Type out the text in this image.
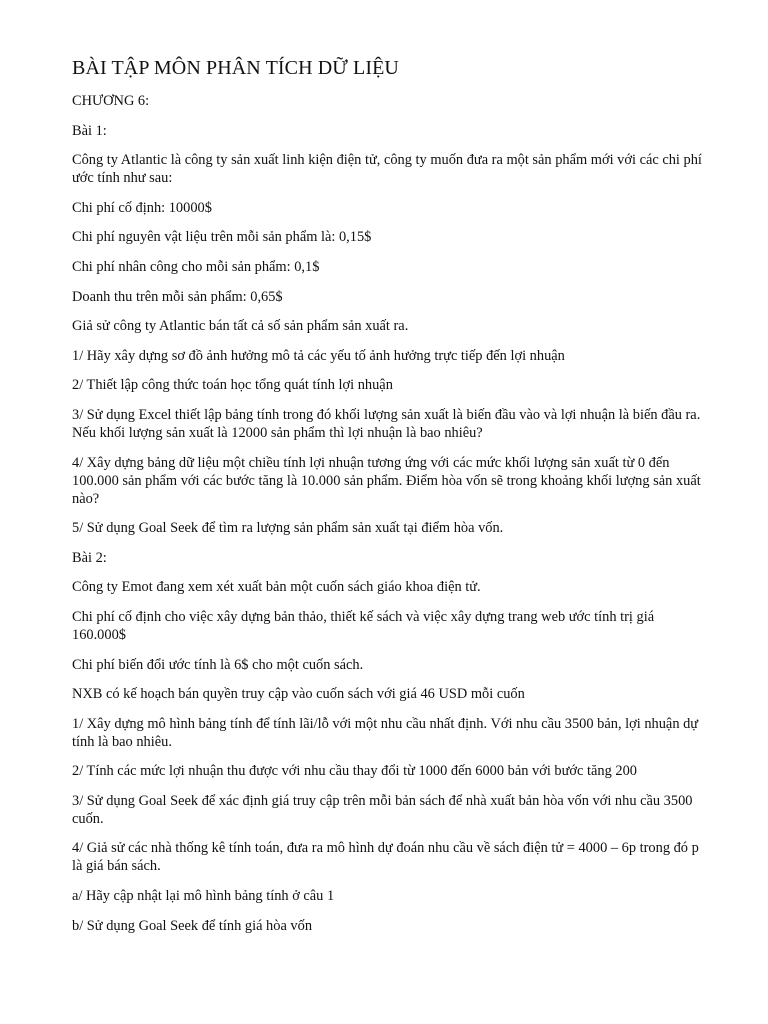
BÀI TẬP MÔN PHÂN TÍCH DỮ LIỆU
CHƯƠNG 6:
Bài 1:
Công ty Atlantic là công ty sản xuất linh kiện điện tử, công ty muốn đưa ra một sản phẩm mới với các chi phí ước tính như sau:
Chi phí cố định: 10000$
Chi phí nguyên vật liệu trên mỗi sản phẩm là: 0,15$
Chi phí nhân công cho mỗi sản phẩm: 0,1$
Doanh thu trên mỗi sản phẩm: 0,65$
Giả sử công ty Atlantic bán tất cả số sản phẩm sản xuất ra.
1/ Hãy xây dựng sơ đồ ảnh hưởng mô tả các yếu tố ảnh hưởng trực tiếp đến lợi nhuận
2/ Thiết lập công thức toán học tổng quát tính lợi nhuận
3/ Sử dụng Excel thiết lập bảng tính trong đó khối lượng sản xuất là biến đầu vào và lợi nhuận là biến đầu ra. Nếu khối lượng sản xuất là 12000 sản phẩm thì lợi nhuận là bao nhiêu?
4/ Xây dựng bảng dữ liệu một chiều tính lợi nhuận tương ứng với các mức khối lượng sản xuất từ 0 đến 100.000 sản phẩm với các bước tăng là 10.000 sản phẩm. Điểm hòa vốn sẽ trong khoảng khối lượng sản xuất nào?
5/ Sử dụng Goal Seek để tìm ra lượng sản phẩm sản xuất tại điểm hòa vốn.
Bài 2:
Công ty Emot đang xem xét xuất bản một cuốn sách giáo khoa điện tử.
Chi phí cố định cho việc xây dựng bản thảo, thiết kế sách và việc xây dựng trang web ước tính trị giá 160.000$
Chi phí biến đổi ước tính là 6$ cho một cuốn sách.
NXB có kế hoạch bán quyền truy cập vào cuốn sách với giá 46 USD mỗi cuốn
1/ Xây dựng mô hình bảng tính để tính lãi/lỗ với một nhu cầu nhất định. Với nhu cầu 3500 bản, lợi nhuận dự tính là bao nhiêu.
2/ Tính các mức lợi nhuận thu được với nhu cầu thay đổi từ 1000 đến 6000 bản với bước tăng 200
3/ Sử dụng Goal Seek để xác định giá truy cập trên mỗi bản sách để nhà xuất bản hòa vốn với nhu cầu 3500 cuốn.
4/ Giả sử các nhà thống kê tính toán, đưa ra mô hình dự đoán nhu cầu về sách điện tử = 4000 – 6p trong đó p là giá bán sách.
a/ Hãy cập nhật lại mô hình bảng tính ở câu 1
b/ Sử dụng Goal Seek để tính giá hòa vốn
